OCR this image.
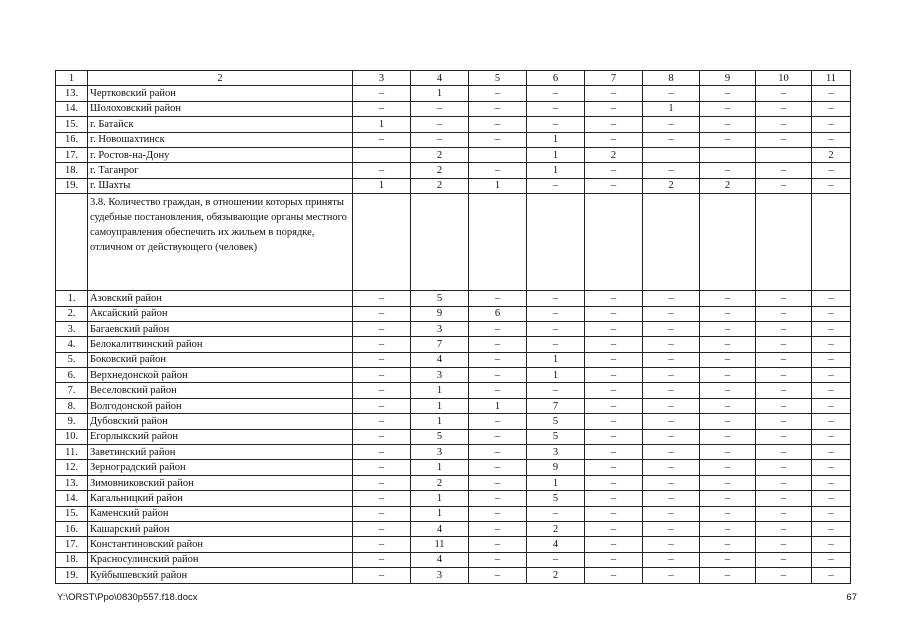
1	2	3	4	5	6	7	8	9	10	11
13.	Чертковский район	–	1	–	–	–	–	–	–	–
14.	Шолоховский район	–	–	–	–	–	1	–	–	–
15.	г. Батайск	1	–	–	–	–	–	–	–	–
16.	г. Новошахтинск	–	–	–	1	–	–	–	–	–
17.	г. Ростов-на-Дону		2		1	2				2
18.	г. Таганрог	–	2	–	1	–	–	–	–	–
19.	г. Шахты	1	2	1	–	–	2	2	–	–
	3.8. Количество граждан, в отношении которых приняты судебные постановления, обязывающие органы местного самоуправления обеспечить их жильем в порядке, отличном от действующего (человек)									
1.	Азовский район	–	5	–	–	–	–	–	–	–
2.	Аксайский район	–	9	6	–	–	–	–	–	–
3.	Багаевский район	–	3	–	–	–	–	–	–	–
4.	Белокалитвинский район	–	7	–	–	–	–	–	–	–
5.	Боковский район	–	4	–	1	–	–	–	–	–
6.	Верхнедонской район	–	3	–	1	–	–	–	–	–
7.	Веселовский район	–	1	–	–	–	–	–	–	–
8.	Волгодонской район	–	1	1	7	–	–	–	–	–
9.	Дубовский район	–	1	–	5	–	–	–	–	–
10.	Егорлыкский район	–	5	–	5	–	–	–	–	–
11.	Заветинский район	–	3	–	3	–	–	–	–	–
12.	Зерноградский район	–	1	–	9	–	–	–	–	–
13.	Зимовниковский район	–	2	–	1	–	–	–	–	–
14.	Кагальницкий район	–	1	–	5	–	–	–	–	–
15.	Каменский район	–	1	–	–	–	–	–	–	–
16.	Кашарский район	–	4	–	2	–	–	–	–	–
17.	Константиновский район	–	11	–	4	–	–	–	–	–
18.	Красносулинский район	–	4	–	–	–	–	–	–	–
19.	Куйбышевский район	–	3	–	2	–	–	–	–	–
Y:\ORST\Ppo\0830p557.f18.docx	67
